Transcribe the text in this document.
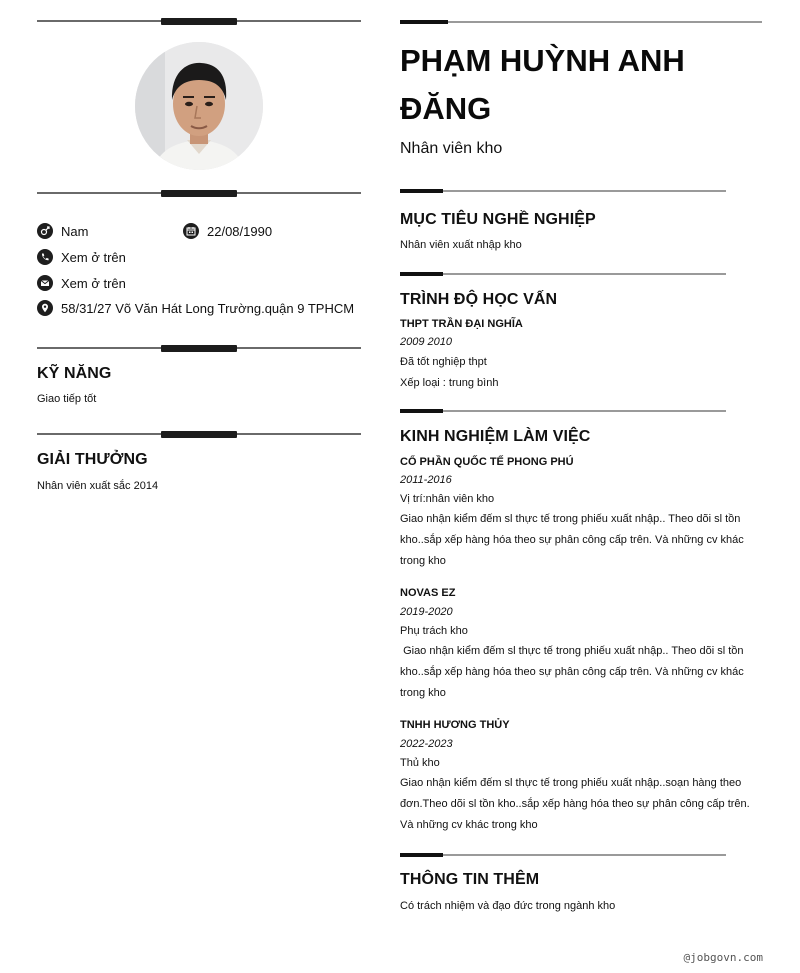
Nam	22/08/1990
Xem ở trên
Xem ở trên
58/31/27 Võ Văn Hát Long Trường.quận 9 TPHCM
KỸ NĂNG
Giao tiếp tốt
GIẢI THƯỞNG
Nhân viên xuất sắc 2014
PHẠM HUỲNH ANH ĐĂNG
Nhân viên kho
MỤC TIÊU NGHỀ NGHIỆP
Nhân viên xuất nhập kho
TRÌNH ĐỘ HỌC VẤN
THPT TRẦN ĐẠI NGHĨA
2009 2010
Đã tốt nghiệp thpt
Xếp loại : trung bình
KINH NGHIỆM LÀM VIỆC
CỔ PHẦN QUỐC TẾ PHONG PHÚ
2011-2016
Vị trí:nhân viên kho
Giao nhận kiểm đếm sl thực tế trong phiếu xuất nhập.. Theo dõi sl tồn kho..sắp xếp hàng hóa theo sự phân công cấp trên. Và những cv khác trong kho
NOVAS EZ
2019-2020
Phụ trách kho
Giao nhận kiểm đếm sl thực tế trong phiếu xuất nhập.. Theo dõi sl tồn kho..sắp xếp hàng hóa theo sự phân công cấp trên. Và những cv khác trong kho
TNHH HƯƠNG THỦY
2022-2023
Thủ kho
Giao nhận kiểm đếm sl thực tế trong phiếu xuất nhập..soạn hàng theo đơn.Theo dõi sl tồn kho..sắp xếp hàng hóa theo sự phân công cấp trên. Và những cv khác trong kho
THÔNG TIN THÊM
Có trách nhiệm và đạo đức trong ngành kho
@jobgovn.com
